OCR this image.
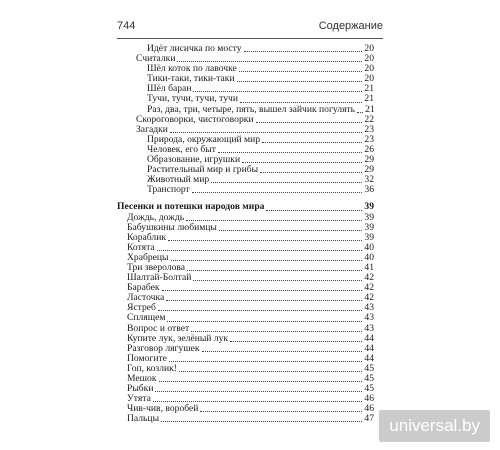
744	Содержание
Идёт лисичка по мосту	20
Считалки	20
Шёл коток по лавочке	20
Тики-таки, тики-таки	20
Шёл баран	21
Тучи, тучи, тучи, тучи	21
Раз, два, три, четыре, пять, вышел зайчик погулять 21
Скороговорки, чистоговорки	22
Загадки	23
Природа, окружающий мир	23
Человек, его быт	26
Образование, игрушки	29
Растительный мир и грибы	29
Животный мир	32
Транспорт	36
Песенки и потешки народов мира	39
Дождь, дождь	39
Бабушкины любимцы	39
Кораблик	39
Котята	40
Храбрецы	40
Три зверолова	41
Шалтай-Болтай	42
Барабек	42
Ласточка	42
Ястреб	43
Сплящем	43
Вопрос и ответ	43
Купите лук, зелёный лук	44
Разговор лягушек	44
Помогите	44
Гоп, козлик!	45
Мешок	45
Рыбки	45
Утята	46
Чив-чив, воробей	46
Пальцы	47 universal.by
